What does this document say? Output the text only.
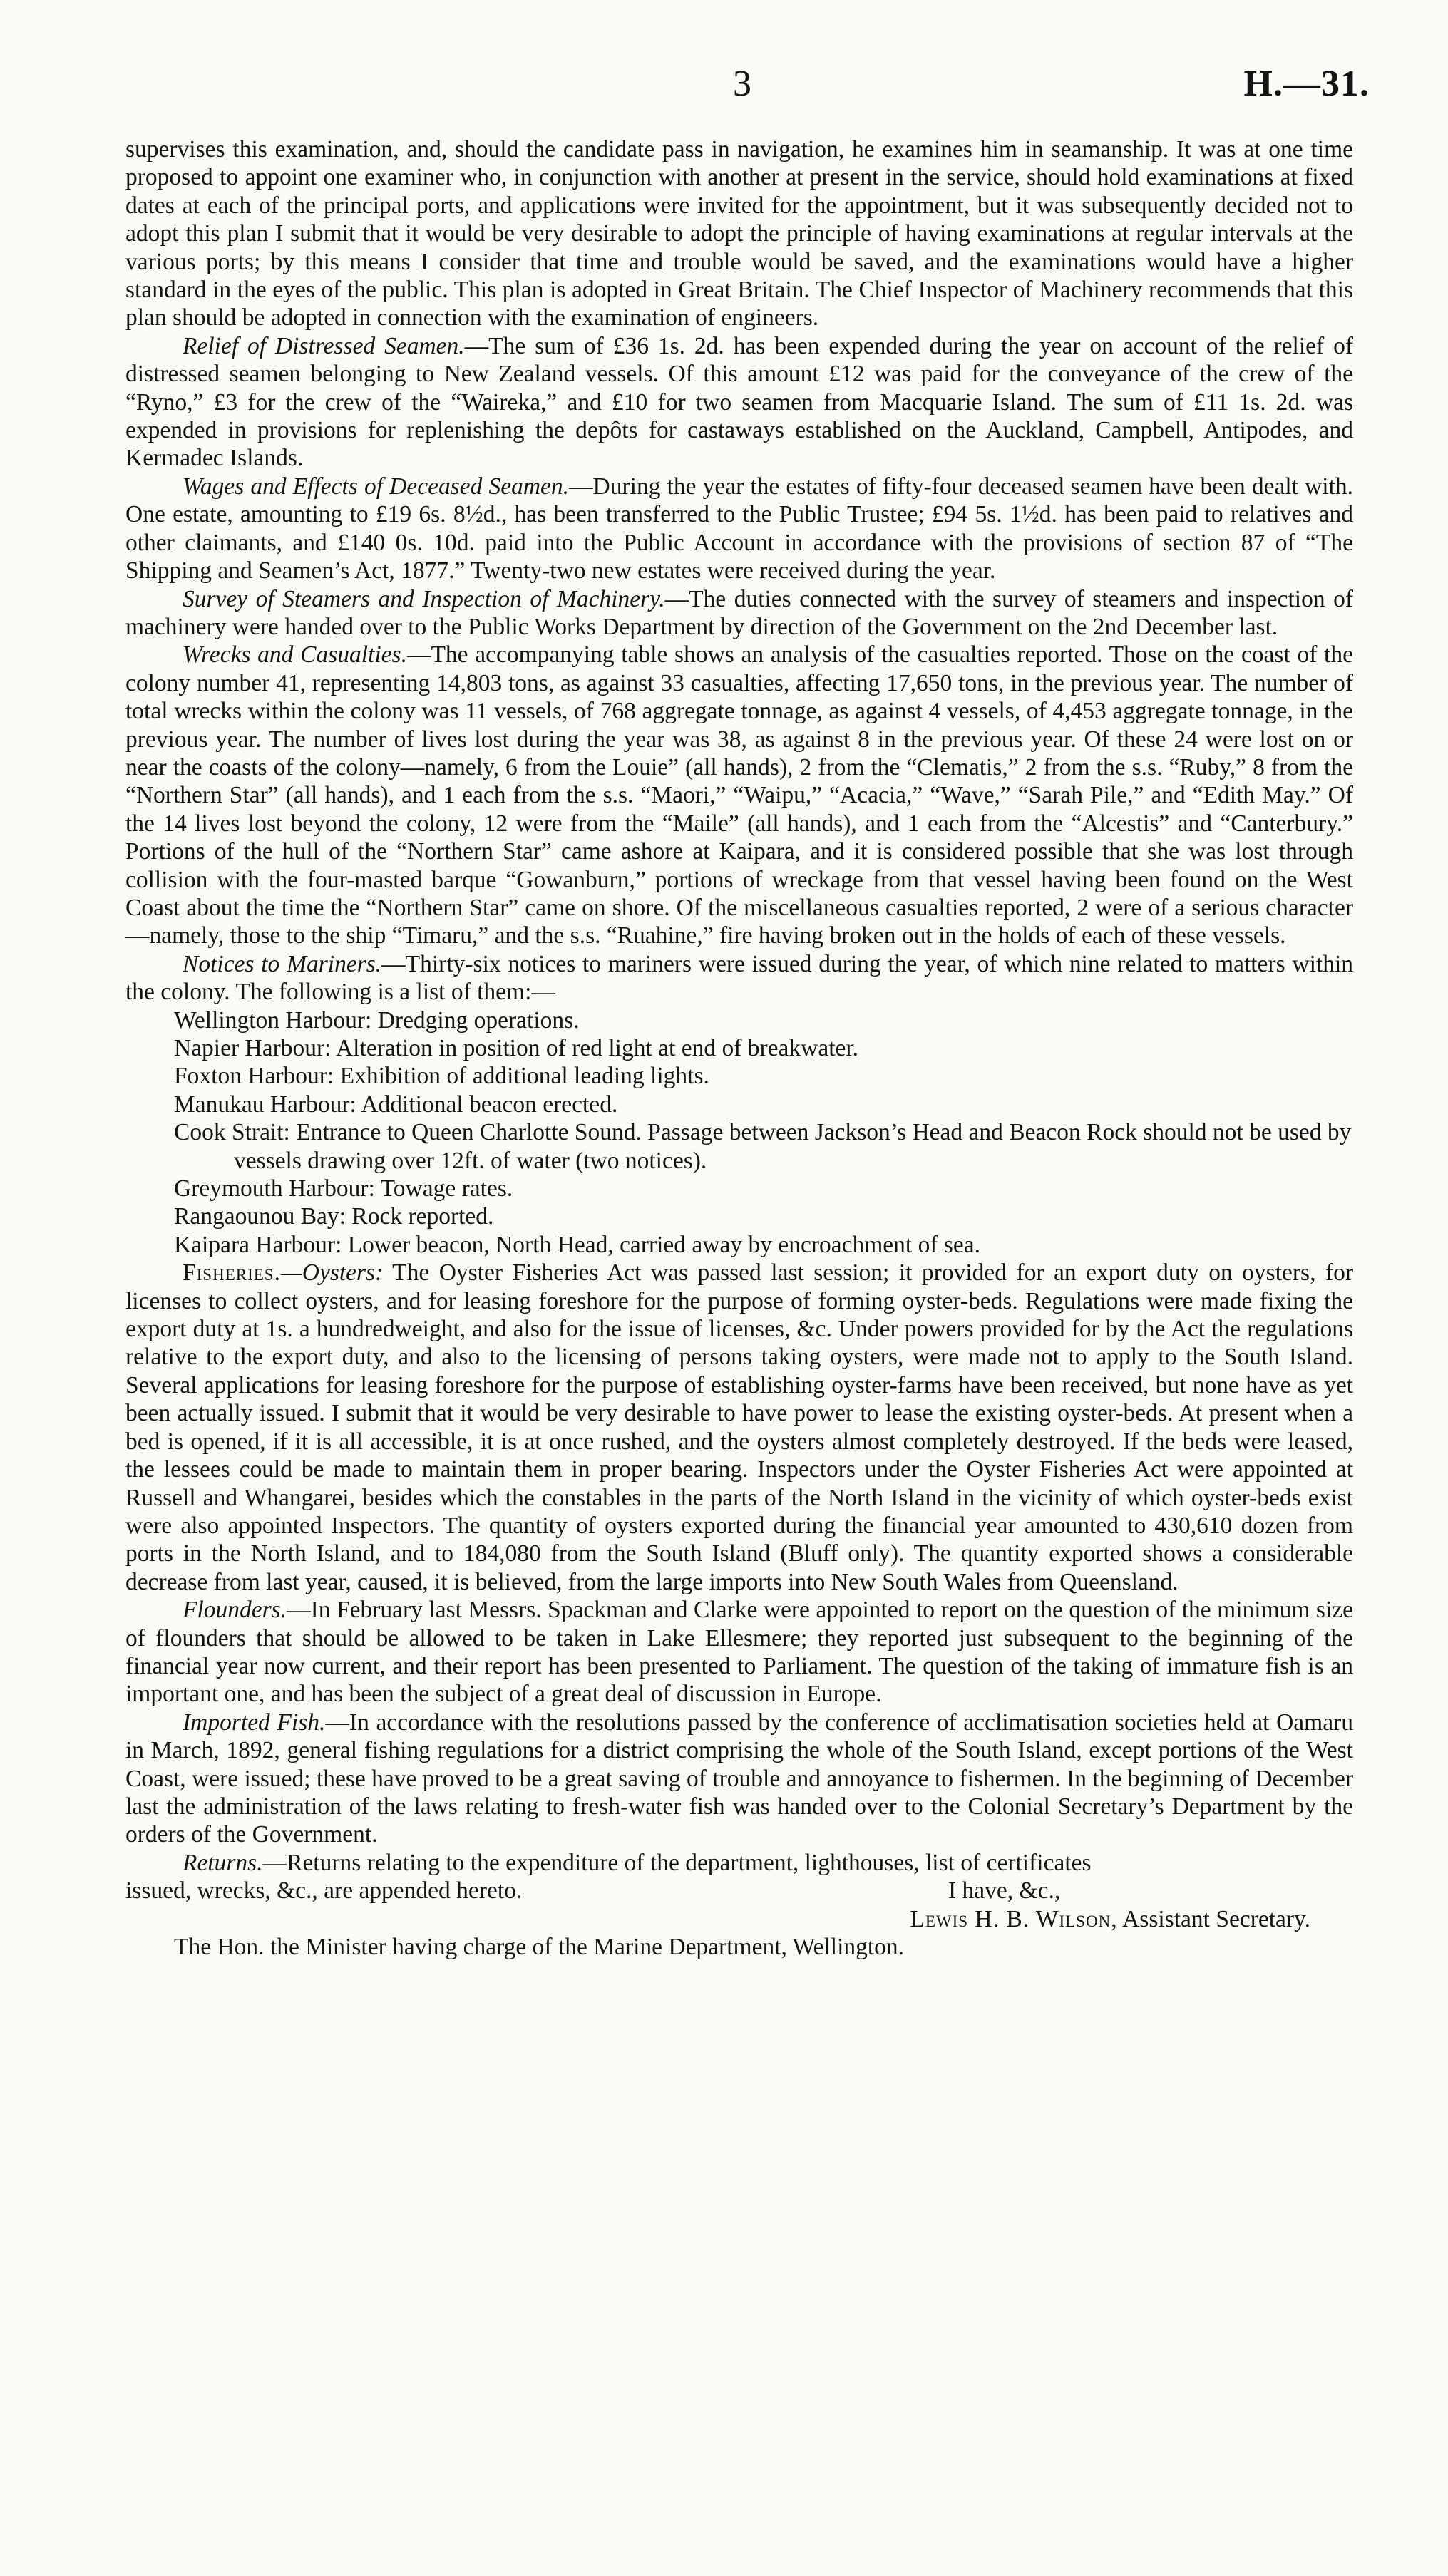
3	H.—31.

supervises this examination, and, should the candidate pass in navigation, he examines him in seamanship. It was at one time proposed to appoint one examiner who, in conjunction with another at present in the service, should hold examinations at fixed dates at each of the principal ports, and applications were invited for the appointment, but it was subsequently decided not to adopt this plan I submit that it would be very desirable to adopt the principle of having examinations at regular intervals at the various ports; by this means I consider that time and trouble would be saved, and the examinations would have a higher standard in the eyes of the public. This plan is adopted in Great Britain. The Chief Inspector of Machinery recommends that this plan should be adopted in connection with the examination of engineers.

Relief of Distressed Seamen.—The sum of £36 1s. 2d. has been expended during the year on account of the relief of distressed seamen belonging to New Zealand vessels. Of this amount £12 was paid for the conveyance of the crew of the “Ryno,” £3 for the crew of the “Waireka,” and £10 for two seamen from Macquarie Island. The sum of £11 1s. 2d. was expended in provisions for replenishing the depôts for castaways established on the Auckland, Campbell, Antipodes, and Kermadec Islands.

Wages and Effects of Deceased Seamen.—During the year the estates of fifty-four deceased seamen have been dealt with. One estate, amounting to £19 6s. 8½d., has been transferred to the Public Trustee; £94 5s. 1½d. has been paid to relatives and other claimants, and £140 0s. 10d. paid into the Public Account in accordance with the provisions of section 87 of “The Shipping and Seamen’s Act, 1877.” Twenty-two new estates were received during the year.

Survey of Steamers and Inspection of Machinery.—The duties connected with the survey of steamers and inspection of machinery were handed over to the Public Works Department by direction of the Government on the 2nd December last.

Wrecks and Casualties.—The accompanying table shows an analysis of the casualties reported. Those on the coast of the colony number 41, representing 14,803 tons, as against 33 casualties, affecting 17,650 tons, in the previous year. The number of total wrecks within the colony was 11 vessels, of 768 aggregate tonnage, as against 4 vessels, of 4,453 aggregate tonnage, in the previous year. The number of lives lost during the year was 38, as against 8 in the previous year. Of these 24 were lost on or near the coasts of the colony—namely, 6 from the Louie” (all hands), 2 from the “Clematis,” 2 from the s.s. “Ruby,” 8 from the “Northern Star” (all hands), and 1 each from the s.s. “Maori,” “Waipu,” “Acacia,” “Wave,” “Sarah Pile,” and “Edith May.” Of the 14 lives lost beyond the colony, 12 were from the “Maile” (all hands), and 1 each from the “Alcestis” and “Canterbury.” Portions of the hull of the “Northern Star” came ashore at Kaipara, and it is considered possible that she was lost through collision with the four-masted barque “Gowanburn,” portions of wreckage from that vessel having been found on the West Coast about the time the “Northern Star” came on shore. Of the miscellaneous casualties reported, 2 were of a serious character—namely, those to the ship “Timaru,” and the s.s. “Ruahine,” fire having broken out in the holds of each of these vessels.

Notices to Mariners.—Thirty-six notices to mariners were issued during the year, of which nine related to matters within the colony. The following is a list of them:—

Wellington Harbour: Dredging operations.
Napier Harbour: Alteration in position of red light at end of breakwater.
Foxton Harbour: Exhibition of additional leading lights.
Manukau Harbour: Additional beacon erected.
Cook Strait: Entrance to Queen Charlotte Sound. Passage between Jackson’s Head and Beacon Rock should not be used by vessels drawing over 12ft. of water (two notices).
Greymouth Harbour: Towage rates.
Rangaounou Bay: Rock reported.
Kaipara Harbour: Lower beacon, North Head, carried away by encroachment of sea.

Fisheries.—Oysters: The Oyster Fisheries Act was passed last session; it provided for an export duty on oysters, for licenses to collect oysters, and for leasing foreshore for the purpose of forming oyster-beds. Regulations were made fixing the export duty at 1s. a hundredweight, and also for the issue of licenses, &c. Under powers provided for by the Act the regulations relative to the export duty, and also to the licensing of persons taking oysters, were made not to apply to the South Island. Several applications for leasing foreshore for the purpose of establishing oyster-farms have been received, but none have as yet been actually issued. I submit that it would be very desirable to have power to lease the existing oyster-beds. At present when a bed is opened, if it is all accessible, it is at once rushed, and the oysters almost completely destroyed. If the beds were leased, the lessees could be made to maintain them in proper bearing. Inspectors under the Oyster Fisheries Act were appointed at Russell and Whangarei, besides which the constables in the parts of the North Island in the vicinity of which oyster-beds exist were also appointed Inspectors. The quantity of oysters exported during the financial year amounted to 430,610 dozen from ports in the North Island, and to 184,080 from the South Island (Bluff only). The quantity exported shows a considerable decrease from last year, caused, it is believed, from the large imports into New South Wales from Queensland.

Flounders.—In February last Messrs. Spackman and Clarke were appointed to report on the question of the minimum size of flounders that should be allowed to be taken in Lake Ellesmere; they reported just subsequent to the beginning of the financial year now current, and their report has been presented to Parliament. The question of the taking of immature fish is an important one, and has been the subject of a great deal of discussion in Europe.

Imported Fish.—In accordance with the resolutions passed by the conference of acclimatisation societies held at Oamaru in March, 1892, general fishing regulations for a district comprising the whole of the South Island, except portions of the West Coast, were issued; these have proved to be a great saving of trouble and annoyance to fishermen. In the beginning of December last the administration of the laws relating to fresh-water fish was handed over to the Colonial Secretary’s Department by the orders of the Government.

Returns.—Returns relating to the expenditure of the department, lighthouses, list of certificates

issued, wrecks, &c., are appended hereto.	I have, &c.,

Lewis H. B. Wilson, Assistant Secretary.

The Hon. the Minister having charge of the Marine Department, Wellington.
